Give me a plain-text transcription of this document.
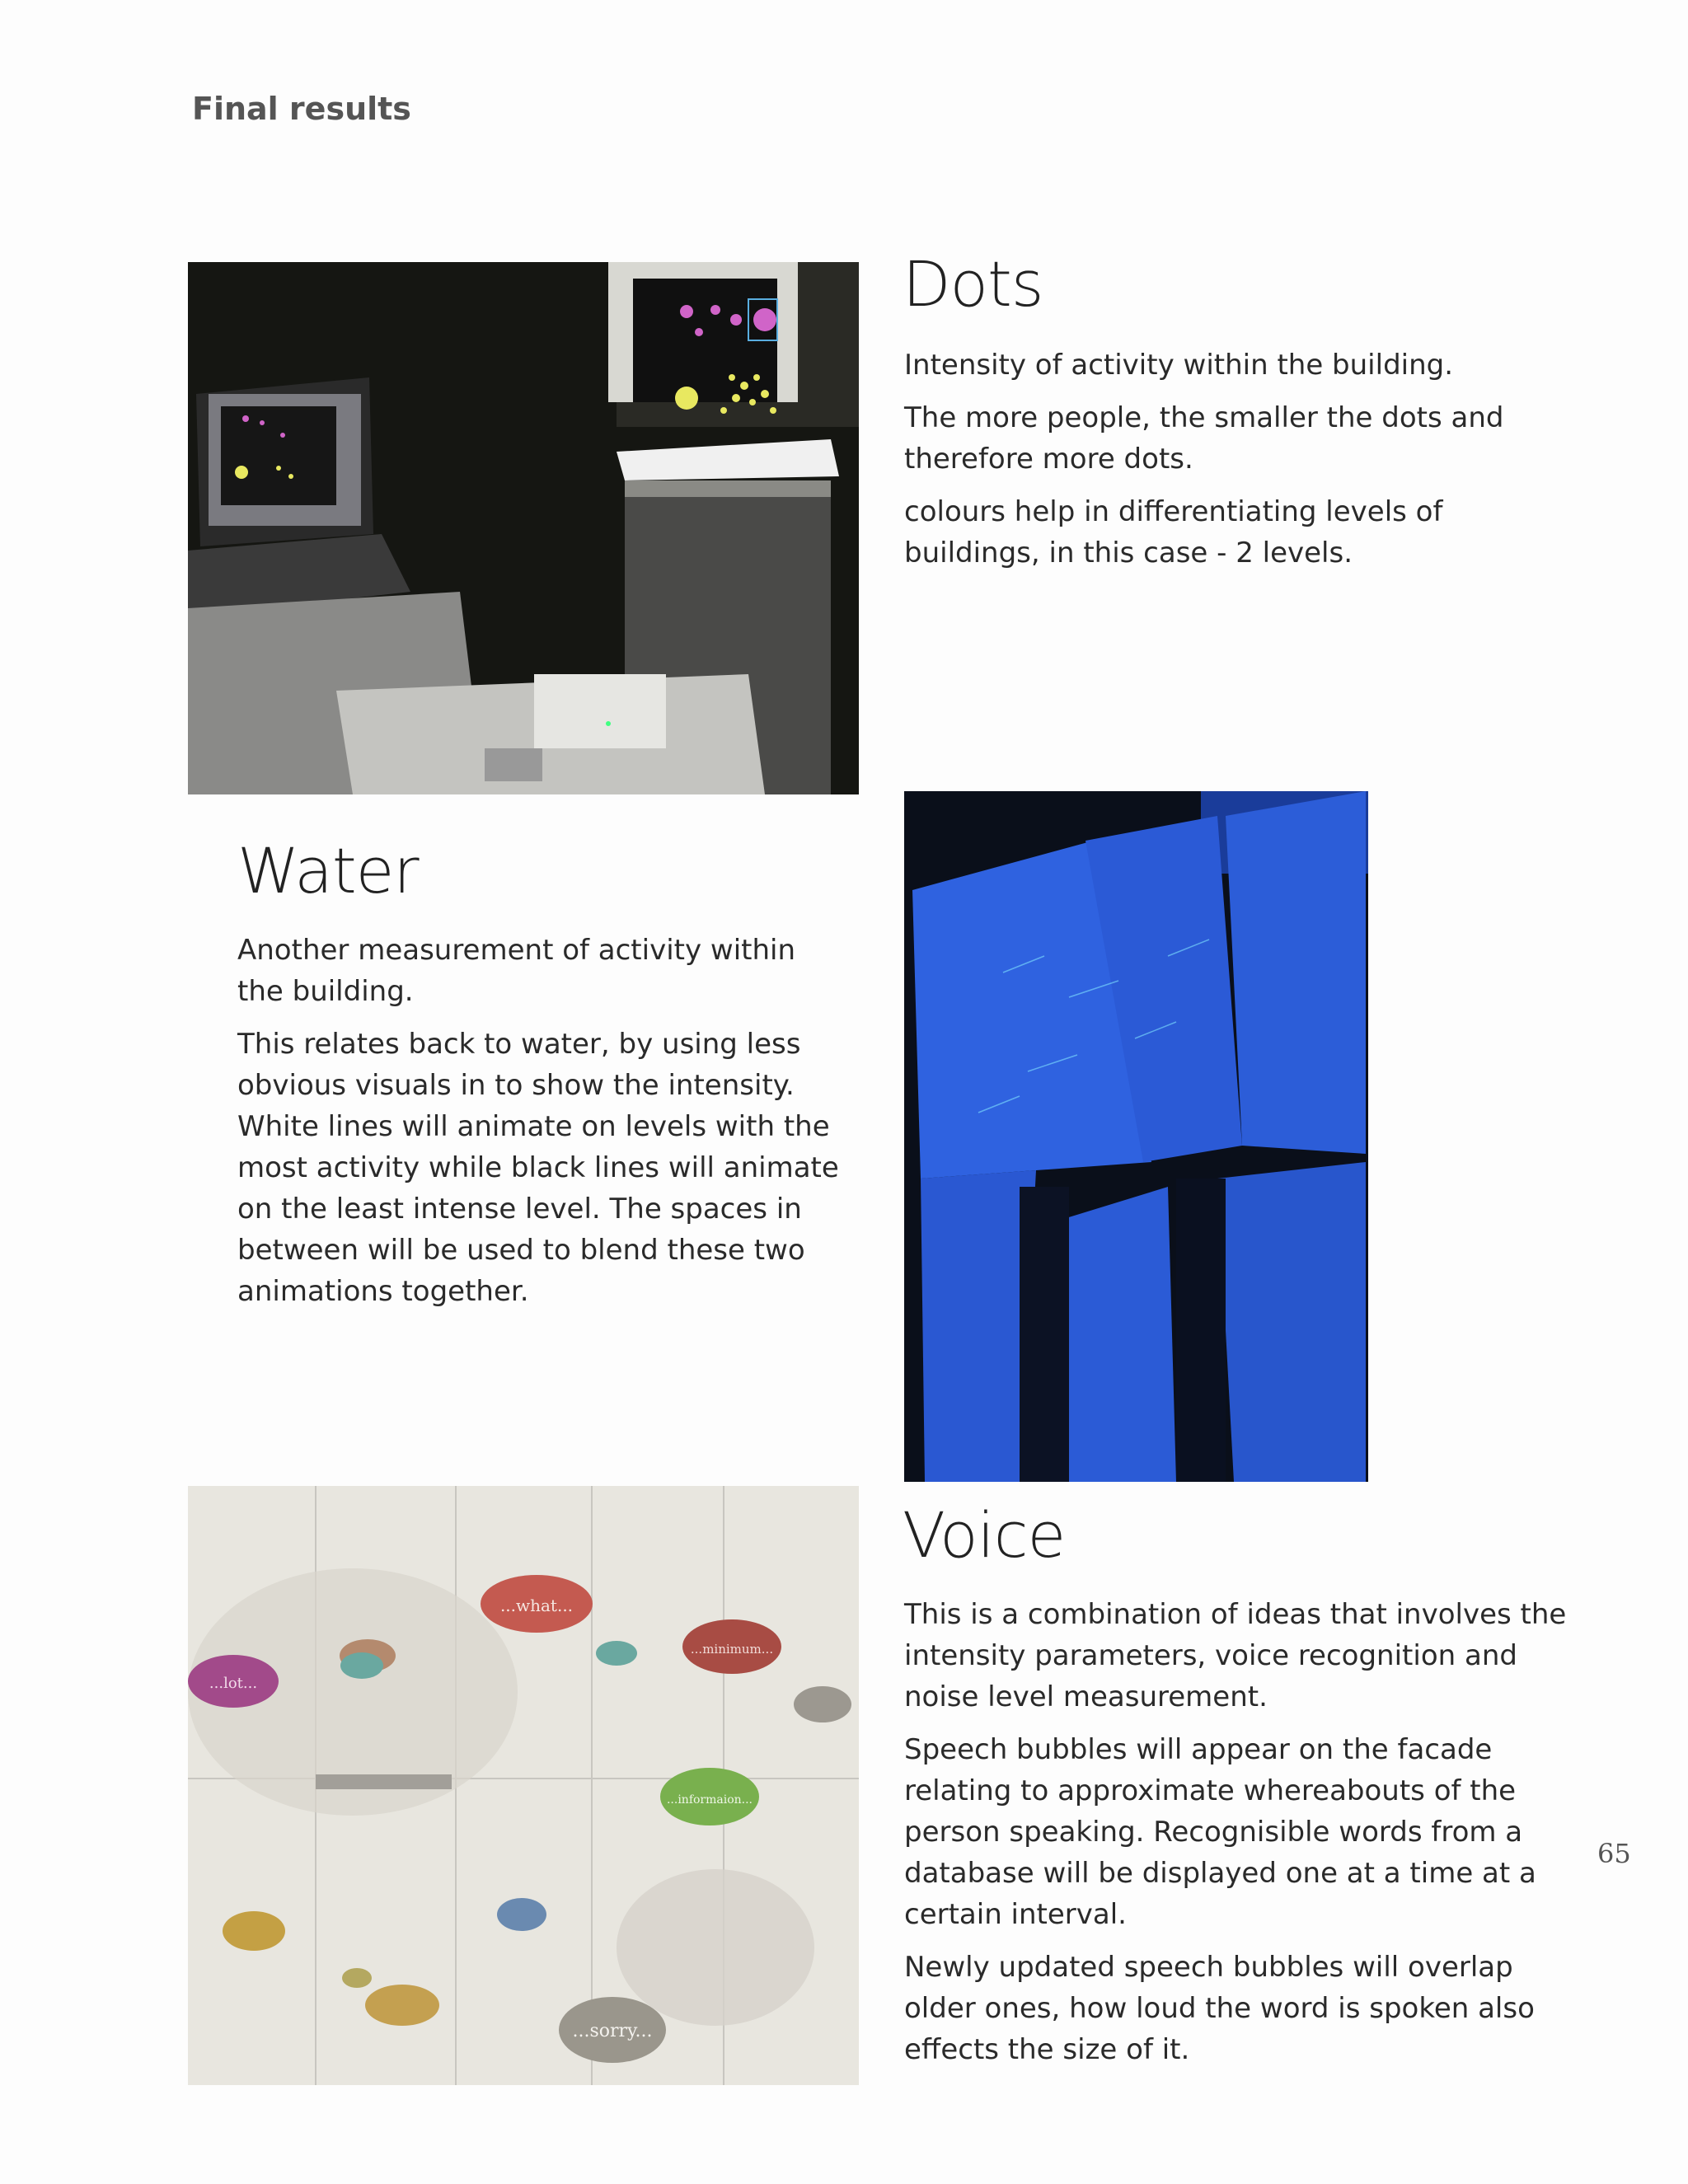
Final results
Dots

Intensity of activity within the building.

The more people, the smaller the dots and therefore more dots.

colours help in differentiating levels of buildings, in this case - 2 levels.

Water

Another measurement of activity within the building.

This relates back to water, by using less obvious visuals in to show the intensity. White lines will animate on levels with the most activity while black lines will animate on the least intense level. The spaces in between will be used to blend these two animations together.

...what...
...lot...
...minimum...
...informaion...
...sorry...
Voice

This is a combination of ideas that involves the intensity parameters, voice recognition and noise level measurement.

Speech bubbles will appear on the facade relating to approximate whereabouts of the person speaking. Recognisible words from a database will be displayed one at a time at a certain interval.

Newly updated speech bubbles will overlap older ones, how loud the word is spoken also effects the size of it.

65
